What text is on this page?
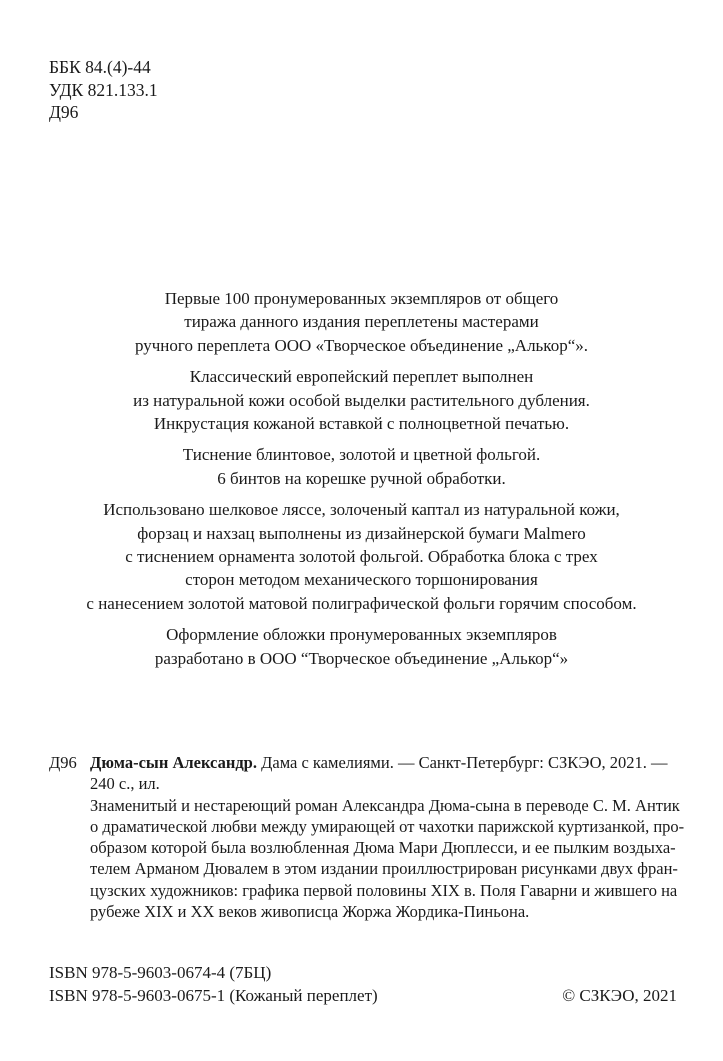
ББК 84.(4)-44
УДК 821.133.1
Д96
Первые 100 пронумерованных экземпляров от общего
тиража данного издания переплетены мастерами
ручного переплета ООО «Творческое объединение „Алькор“».
Классический европейский переплет выполнен
из натуральной кожи особой выделки растительного дубления.
Инкрустация кожаной вставкой с полноцветной печатью.
Тиснение блинтовое, золотой и цветной фольгой.
6 бинтов на корешке ручной обработки.
Использовано шелковое ляссе, золоченый каптал из натуральной кожи,
форзац и нахзац выполнены из дизайнерской бумаги Malmero
с тиснением орнамента золотой фольгой. Обработка блока с трех
сторон методом механического торшонирования
с нанесением золотой матовой полиграфической фольги горячим способом.
Оформление обложки пронумерованных экземпляров
разработано в ООО “Творческое объединение „Алькор“»
Д96 Дюма-сын Александр. Дама с камелиями. — Санкт-Петербург: СЗКЭО, 2021. —
240 с., ил.
Знаменитый и нестареющий роман Александра Дюма-сына в переводе С. М. Антик
о драматической любви между умирающей от чахотки парижской куртизанкой, про-
образом которой была возлюбленная Дюма Мари Дюплесси, и ее пылким воздыха-
телем Арманом Дювалем в этом издании проиллюстрирован рисунками двух фран-
цузских художников: графика первой половины XIX в. Поля Гаварни и жившего на
рубеже XIX и XX веков живописца Жоржа Жордика-Пиньона.
ISBN 978-5-9603-0674-4 (7БЦ)
ISBN 978-5-9603-0675-1 (Кожаный переплет)	© СЗКЭО, 2021
